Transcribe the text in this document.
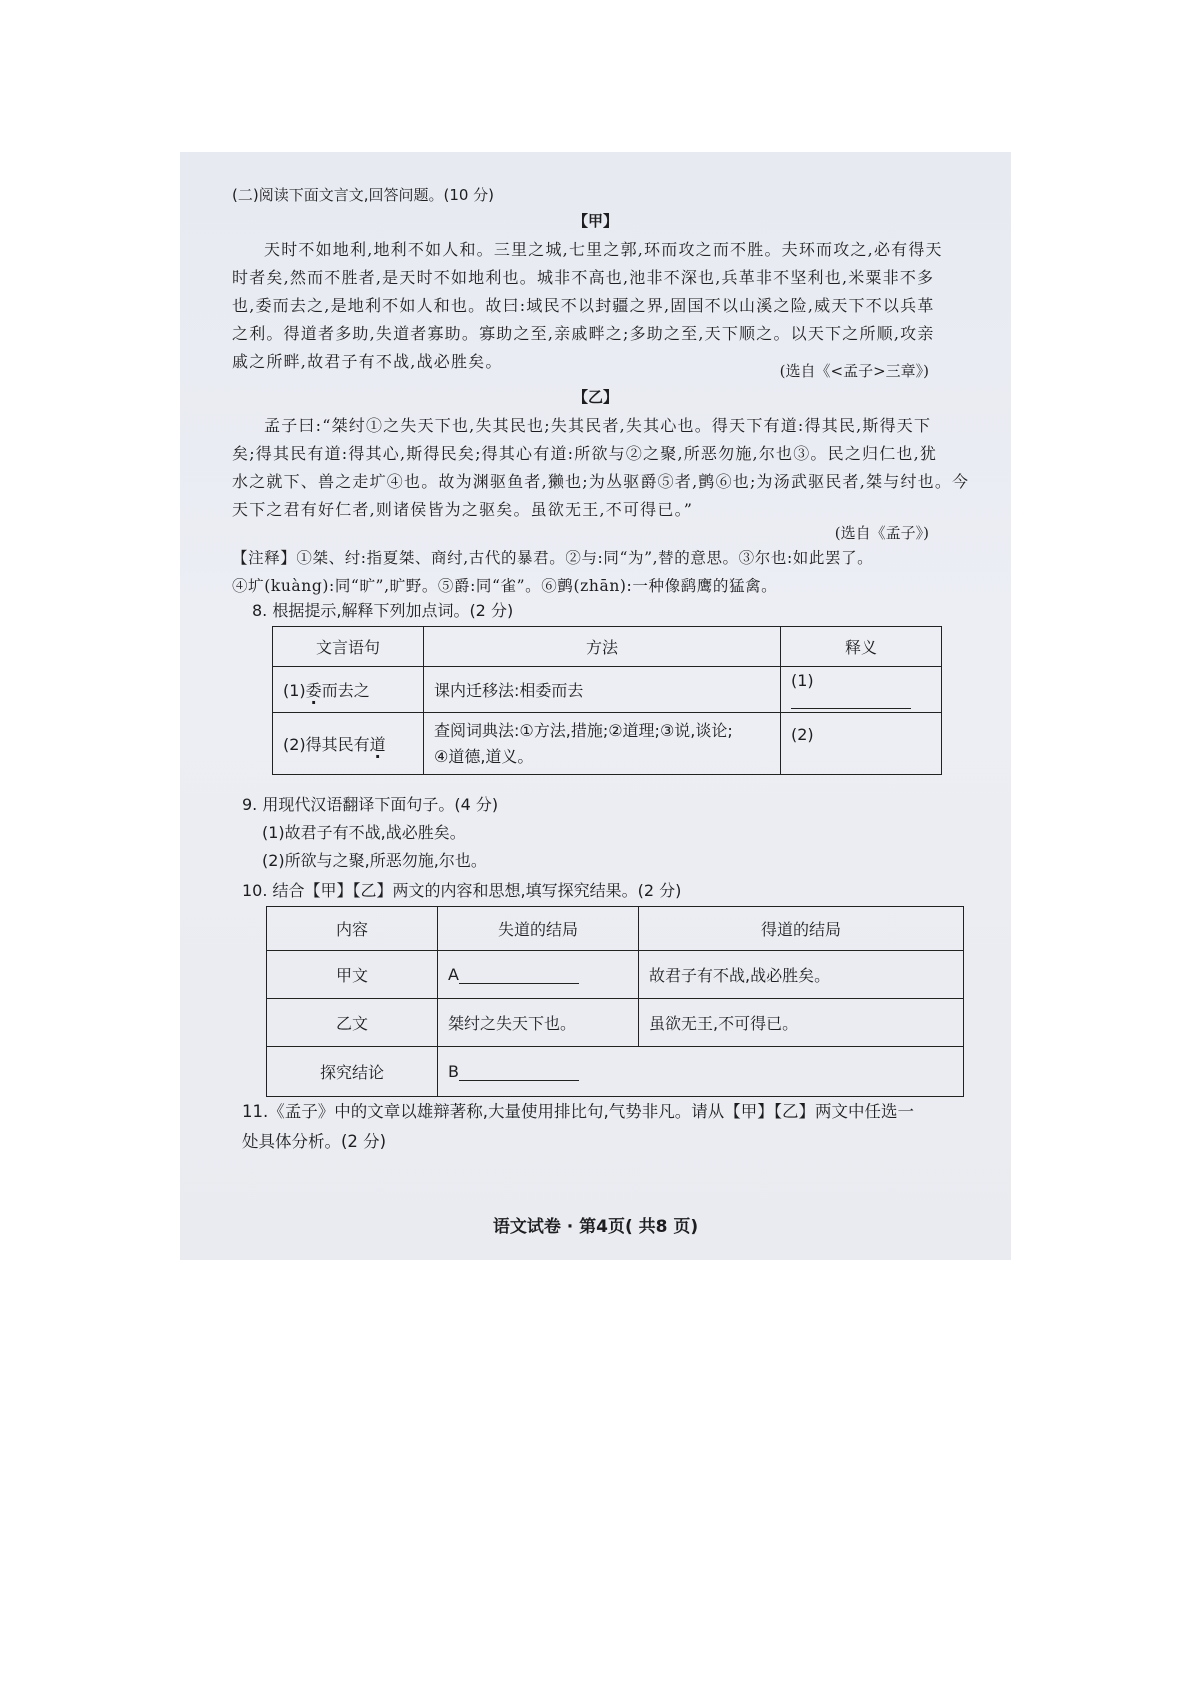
(二)阅读下面文言文,回答问题。(10 分)
【甲】

天时不如地利,地利不如人和。三里之城,七里之郭,环而攻之而不胜。夫环而攻之,必有得天

时者矣,然而不胜者,是天时不如地利也。城非不高也,池非不深也,兵革非不坚利也,米粟非不多

也,委而去之,是地利不如人和也。故曰:域民不以封疆之界,固国不以山溪之险,威天下不以兵革

之利。得道者多助,失道者寡助。寡助之至,亲戚畔之;多助之至,天下顺之。以天下之所顺,攻亲

戚之所畔,故君子有不战,战必胜矣。	(选自《<孟子>三章》)
【乙】

孟子曰:“桀纣①之失天下也,失其民也;失其民者,失其心也。得天下有道:得其民,斯得天下

矣;得其民有道:得其心,斯得民矣;得其心有道:所欲与②之聚,所恶勿施,尔也③。民之归仁也,犹

水之就下、兽之走圹④也。故为渊驱鱼者,獭也;为丛驱爵⑤者,鹯⑥也;为汤武驱民者,桀与纣也。今

天下之君有好仁者,则诸侯皆为之驱矣。虽欲无王,不可得已。”

(选自《孟子》)

【注释】①桀、纣:指夏桀、商纣,古代的暴君。②与:同“为”,替的意思。③尔也:如此罢了。

④圹(kuàng):同“旷”,旷野。⑤爵:同“雀”。⑥鹯(zhān):一种像鹞鹰的猛禽。

8. 根据提示,解释下列加点词。(2 分)
文言语句	方法	释义
(1)委而去之	课内迁移法:相委而去	(1)
(2)得其民有道	查阅词典法:①方法,措施;②道理;③说,谈论;
④道德,道义。	(2)
9. 用现代汉语翻译下面句子。(4 分)
(1)故君子有不战,战必胜矣。
(2)所欲与之聚,所恶勿施,尔也。
10. 结合【甲】【乙】两文的内容和思想,填写探究结果。(2 分)
内容	失道的结局	得道的结局
甲文	A	故君子有不战,战必胜矣。
乙文	桀纣之失天下也。	虽欲无王,不可得已。
探究结论	B	
11.《孟子》中的文章以雄辩著称,大量使用排比句,气势非凡。请从【甲】【乙】两文中任选一
处具体分析。(2 分)
语文试卷 · 第4页( 共8 页)
